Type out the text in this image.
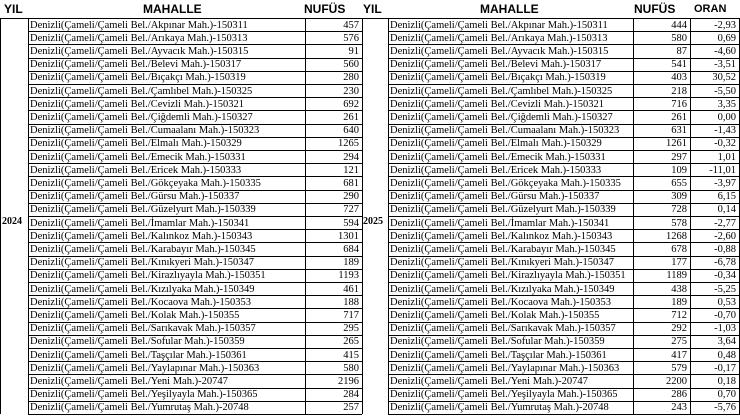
YIL	MAHALLE	NUFÜS YIL	MAHALLE	NUFÜS ORAN
Denizli(Çameli/Çameli Bel./Akpınar Mah.)-150311	457	Denizli(Çameli/Çameli Bel./Akpınar Mah.)-150311	444	-2,93
Denizli(Çameli/Çameli Bel./Arıkaya Mah.)-150313	576	Denizli(Çameli/Çameli Bel./Arıkaya Mah.)-150313	580	0,69
Denizli(Çameli/Çameli Bel./Ayvacık Mah.)-150315	91	Denizli(Çameli/Çameli Bel./Ayvacık Mah.)-150315	87	-4,60
Denizli(Çameli/Çameli Bel./Belevi Mah.)-150317	560	Denizli(Çameli/Çameli Bel./Belevi Mah.)-150317	541	-3,51
Denizli(Çameli/Çameli Bel./Bıçakçı Mah.)-150319	280	Denizli(Çameli/Çameli Bel./Bıçakçı Mah.)-150319	403	30,52
Denizli(Çameli/Çameli Bel./Çamlıbel Mah.)-150325	230	Denizli(Çameli/Çameli Bel./Çamlıbel Mah.)-150325	218	-5,50
Denizli(Çameli/Çameli Bel./Cevizli Mah.)-150321	692	Denizli(Çameli/Çameli Bel./Cevizli Mah.)-150321	716	3,35
Denizli(Çameli/Çameli Bel./Çiğdemli Mah.)-150327	261	Denizli(Çameli/Çameli Bel./Çiğdemli Mah.)-150327	261	0,00
Denizli(Çameli/Çameli Bel./Cumaalanı Mah.)-150323	640	Denizli(Çameli/Çameli Bel./Cumaalanı Mah.)-150323	631	-1,43
Denizli(Çameli/Çameli Bel./Elmalı Mah.)-150329	1265	Denizli(Çameli/Çameli Bel./Elmalı Mah.)-150329	1261	-0,32
Denizli(Çameli/Çameli Bel./Emecik Mah.)-150331	294	Denizli(Çameli/Çameli Bel./Emecik Mah.)-150331	297	1,01
Denizli(Çameli/Çameli Bel./Ericek Mah.)-150333	121	Denizli(Çameli/Çameli Bel./Ericek Mah.)-150333	109	-11,01
Denizli(Çameli/Çameli Bel./Gökçeyaka Mah.)-150335	681	Denizli(Çameli/Çameli Bel./Gökçeyaka Mah.)-150335	655	-3,97
Denizli(Çameli/Çameli Bel./Gürsu Mah.)-150337	290	Denizli(Çameli/Çameli Bel./Gürsu Mah.)-150337	309	6,15
Denizli(Çameli/Çameli Bel./Güzelyurt Mah.)-150339	727	Denizli(Çameli/Çameli Bel./Güzelyurt Mah.)-150339	728	0,14
Denizli(Çameli/Çameli Bel./İmamlar Mah.)-150341	594	Denizli(Çameli/Çameli Bel./İmamlar Mah.)-150341	578	-2,77
Denizli(Çameli/Çameli Bel./Kalınkoz Mah.)-150343	1301	Denizli(Çameli/Çameli Bel./Kalınkoz Mah.)-150343	1268	-2,60
Denizli(Çameli/Çameli Bel./Karabayır Mah.)-150345	684	Denizli(Çameli/Çameli Bel./Karabayır Mah.)-150345	678	-0,88
Denizli(Çameli/Çameli Bel./Kınıkyeri Mah.)-150347	189	Denizli(Çameli/Çameli Bel./Kınıkyeri Mah.)-150347	177	-6,78
Denizli(Çameli/Çameli Bel./Kirazlıyayla Mah.)-150351	1193	Denizli(Çameli/Çameli Bel./Kirazlıyayla Mah.)-150351	1189	-0,34
Denizli(Çameli/Çameli Bel./Kızılyaka Mah.)-150349	461	Denizli(Çameli/Çameli Bel./Kızılyaka Mah.)-150349	438	-5,25
Denizli(Çameli/Çameli Bel./Kocaova Mah.)-150353	188	Denizli(Çameli/Çameli Bel./Kocaova Mah.)-150353	189	0,53
Denizli(Çameli/Çameli Bel./Kolak Mah.)-150355	717	Denizli(Çameli/Çameli Bel./Kolak Mah.)-150355	712	-0,70
Denizli(Çameli/Çameli Bel./Sarıkavak Mah.)-150357	295	Denizli(Çameli/Çameli Bel./Sarıkavak Mah.)-150357	292	-1,03
Denizli(Çameli/Çameli Bel./Sofular Mah.)-150359	265	Denizli(Çameli/Çameli Bel./Sofular Mah.)-150359	275	3,64
Denizli(Çameli/Çameli Bel./Taşçılar Mah.)-150361	415	Denizli(Çameli/Çameli Bel./Taşçılar Mah.)-150361	417	0,48
Denizli(Çameli/Çameli Bel./Yaylapınar Mah.)-150363	580	Denizli(Çameli/Çameli Bel./Yaylapınar Mah.)-150363	579	-0,17
Denizli(Çameli/Çameli Bel./Yeni Mah.)-20747	2196	Denizli(Çameli/Çameli Bel./Yeni Mah.)-20747	2200	0,18
Denizli(Çameli/Çameli Bel./Yeşilyayla Mah.)-150365	284	Denizli(Çameli/Çameli Bel./Yeşilyayla Mah.)-150365	286	0,70
Denizli(Çameli/Çameli Bel./Yumrutaş Mah.)-20748	257	Denizli(Çameli/Çameli Bel./Yumrutaş Mah.)-20748	243	-5,76
2024	2025
